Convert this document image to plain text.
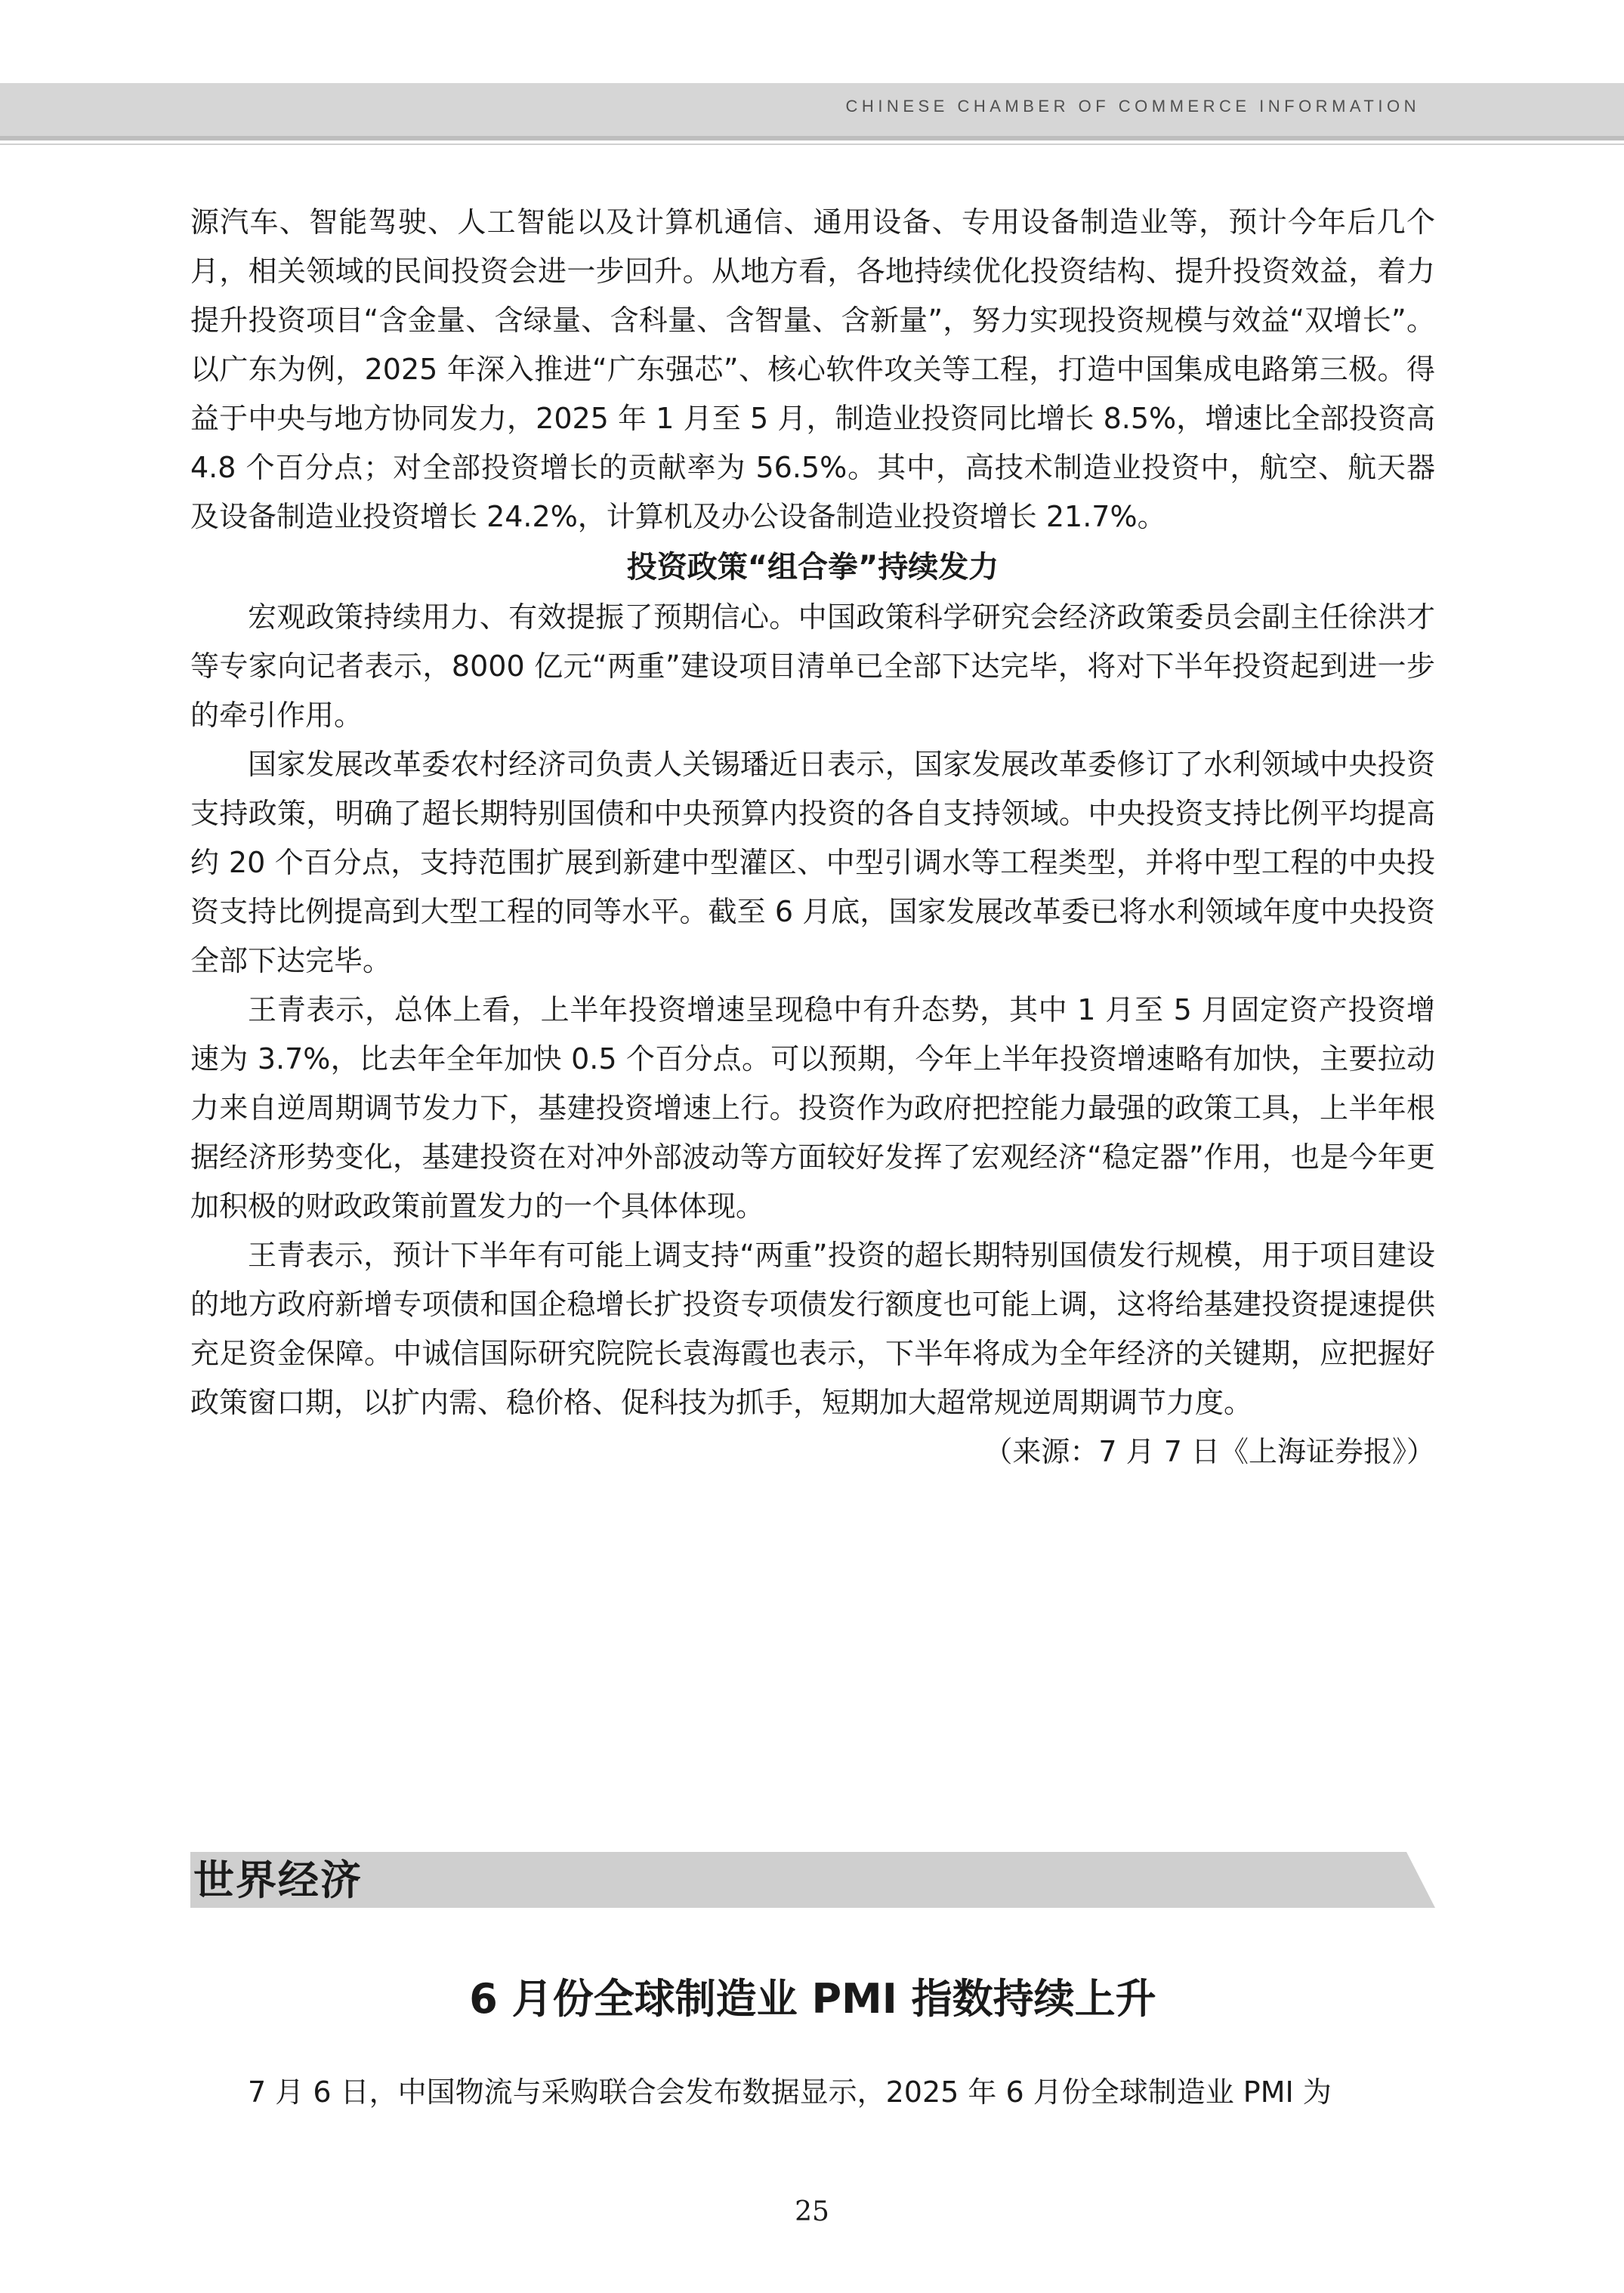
CHINESE CHAMBER OF COMMERCE INFORMATION

源汽车、智能驾驶、人工智能以及计算机通信、通用设备、专用设备制造业等，预计今年后几个月，相关领域的民间投资会进一步回升。从地方看，各地持续优化投资结构、提升投资效益，着力提升投资项目“含金量、含绿量、含科量、含智量、含新量”，努力实现投资规模与效益“双增长”。以广东为例，2025 年深入推进“广东强芯”、核心软件攻关等工程，打造中国集成电路第三极。得益于中央与地方协同发力，2025 年 1 月至 5 月，制造业投资同比增长 8.5%，增速比全部投资高 4.8 个百分点；对全部投资增长的贡献率为 56.5%。其中，高技术制造业投资中，航空、航天器及设备制造业投资增长 24.2%，计算机及办公设备制造业投资增长 21.7%。

投资政策“组合拳”持续发力

宏观政策持续用力、有效提振了预期信心。中国政策科学研究会经济政策委员会副主任徐洪才等专家向记者表示，8000 亿元“两重”建设项目清单已全部下达完毕，将对下半年投资起到进一步的牵引作用。

国家发展改革委农村经济司负责人关锡璠近日表示，国家发展改革委修订了水利领域中央投资支持政策，明确了超长期特别国债和中央预算内投资的各自支持领域。中央投资支持比例平均提高约 20 个百分点，支持范围扩展到新建中型灌区、中型引调水等工程类型，并将中型工程的中央投资支持比例提高到大型工程的同等水平。截至 6 月底，国家发展改革委已将水利领域年度中央投资全部下达完毕。

王青表示，总体上看，上半年投资增速呈现稳中有升态势，其中 1 月至 5 月固定资产投资增速为 3.7%，比去年全年加快 0.5 个百分点。可以预期，今年上半年投资增速略有加快，主要拉动力来自逆周期调节发力下，基建投资增速上行。投资作为政府把控能力最强的政策工具，上半年根据经济形势变化，基建投资在对冲外部波动等方面较好发挥了宏观经济“稳定器”作用，也是今年更加积极的财政政策前置发力的一个具体体现。

王青表示，预计下半年有可能上调支持“两重”投资的超长期特别国债发行规模，用于项目建设的地方政府新增专项债和国企稳增长扩投资专项债发行额度也可能上调，这将给基建投资提速提供充足资金保障。中诚信国际研究院院长袁海霞也表示，下半年将成为全年经济的关键期，应把握好政策窗口期，以扩内需、稳价格、促科技为抓手，短期加大超常规逆周期调节力度。

（来源：7 月 7 日《上海证券报》）

世界经济
6 月份全球制造业 PMI 指数持续上升

7 月 6 日，中国物流与采购联合会发布数据显示，2025 年 6 月份全球制造业 PMI 为

25
